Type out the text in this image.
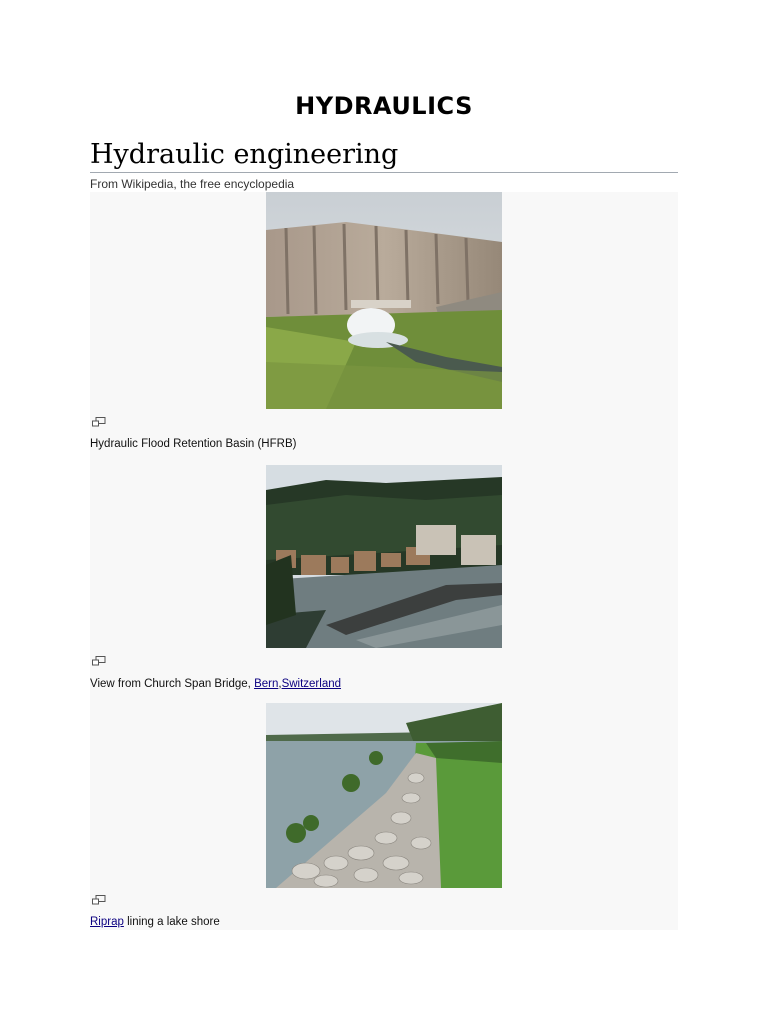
HYDRAULICS
Hydraulic engineering
From Wikipedia, the free encyclopedia
Hydraulic Flood Retention Basin (HFRB)
View from Church Span Bridge, Bern,Switzerland
Riprap lining a lake shore
